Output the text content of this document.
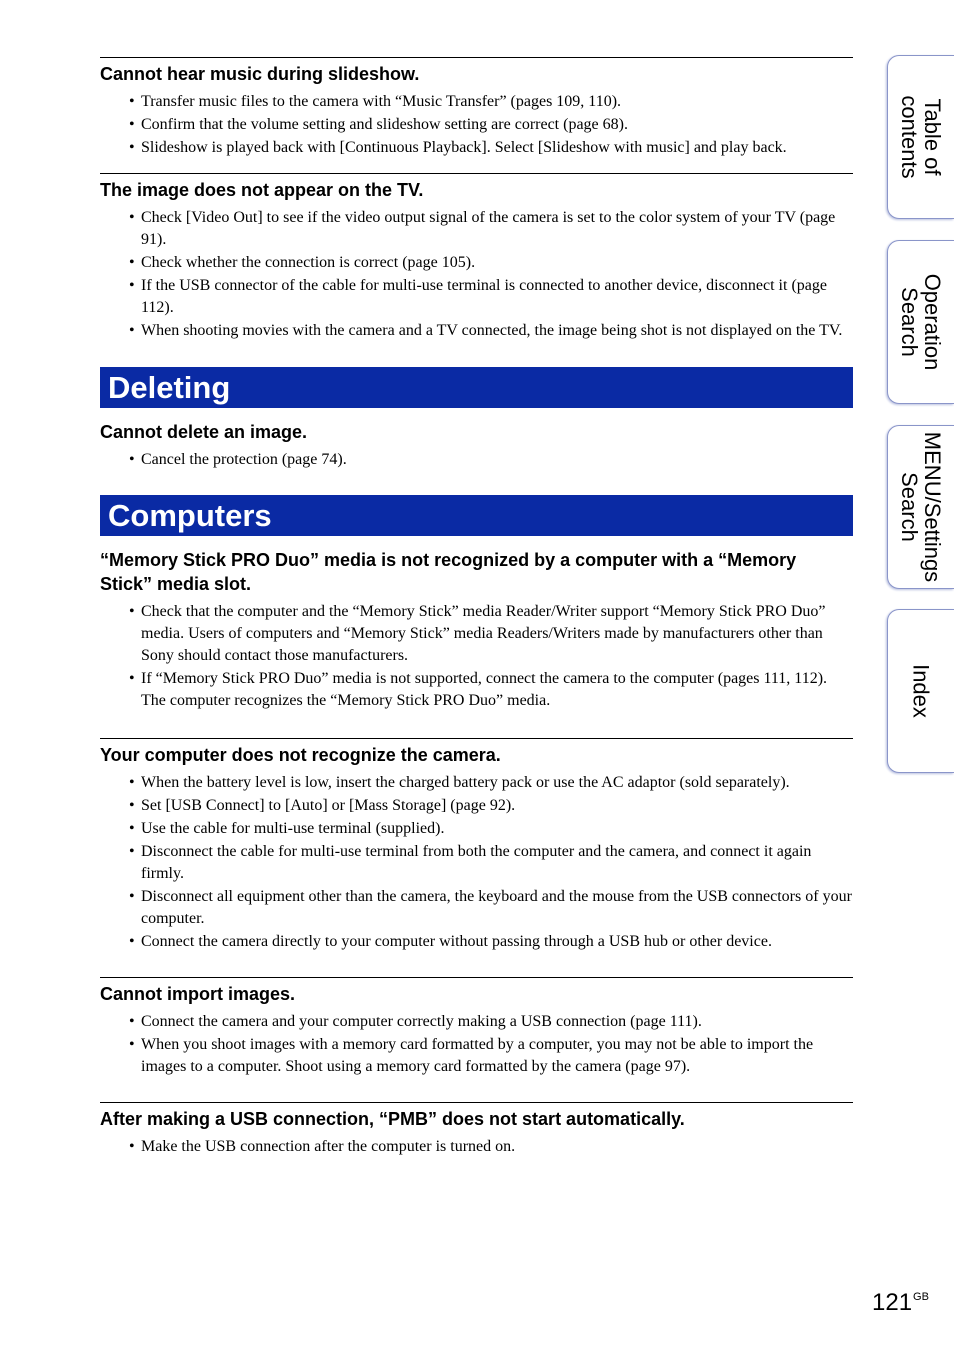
Cannot hear music during slideshow.
• Transfer music files to the camera with “Music Transfer” (pages 109, 110).
• Confirm that the volume setting and slideshow setting are correct (page 68).
• Slideshow is played back with [Continuous Playback]. Select [Slideshow with music] and play back.
The image does not appear on the TV.
• Check [Video Out] to see if the video output signal of the camera is set to the color system of your TV (page 91).
• Check whether the connection is correct (page 105).
• If the USB connector of the cable for multi-use terminal is connected to another device, disconnect it (page 112).
• When shooting movies with the camera and a TV connected, the image being shot is not displayed on the TV.
Deleting
Cannot delete an image.
• Cancel the protection (page 74).
Computers
“Memory Stick PRO Duo” media is not recognized by a computer with a “Memory Stick” media slot.
• Check that the computer and the “Memory Stick” media Reader/Writer support “Memory Stick PRO Duo” media. Users of computers and “Memory Stick” media Readers/Writers made by manufacturers other than Sony should contact those manufacturers.
• If “Memory Stick PRO Duo” media is not supported, connect the camera to the computer (pages 111, 112). The computer recognizes the “Memory Stick PRO Duo” media.
Your computer does not recognize the camera.
• When the battery level is low, insert the charged battery pack or use the AC adaptor (sold separately).
• Set [USB Connect] to [Auto] or [Mass Storage] (page 92).
• Use the cable for multi-use terminal (supplied).
• Disconnect the cable for multi-use terminal from both the computer and the camera, and connect it again firmly.
• Disconnect all equipment other than the camera, the keyboard and the mouse from the USB connectors of your computer.
• Connect the camera directly to your computer without passing through a USB hub or other device.
Cannot import images.
• Connect the camera and your computer correctly making a USB connection (page 111).
• When you shoot images with a memory card formatted by a computer, you may not be able to import the images to a computer. Shoot using a memory card formatted by the camera (page 97).
After making a USB connection, “PMB” does not start automatically.
• Make the USB connection after the computer is turned on.
Table of
contents
Operation
Search
MENU/Settings
Search
Index
$121^{GB}$
